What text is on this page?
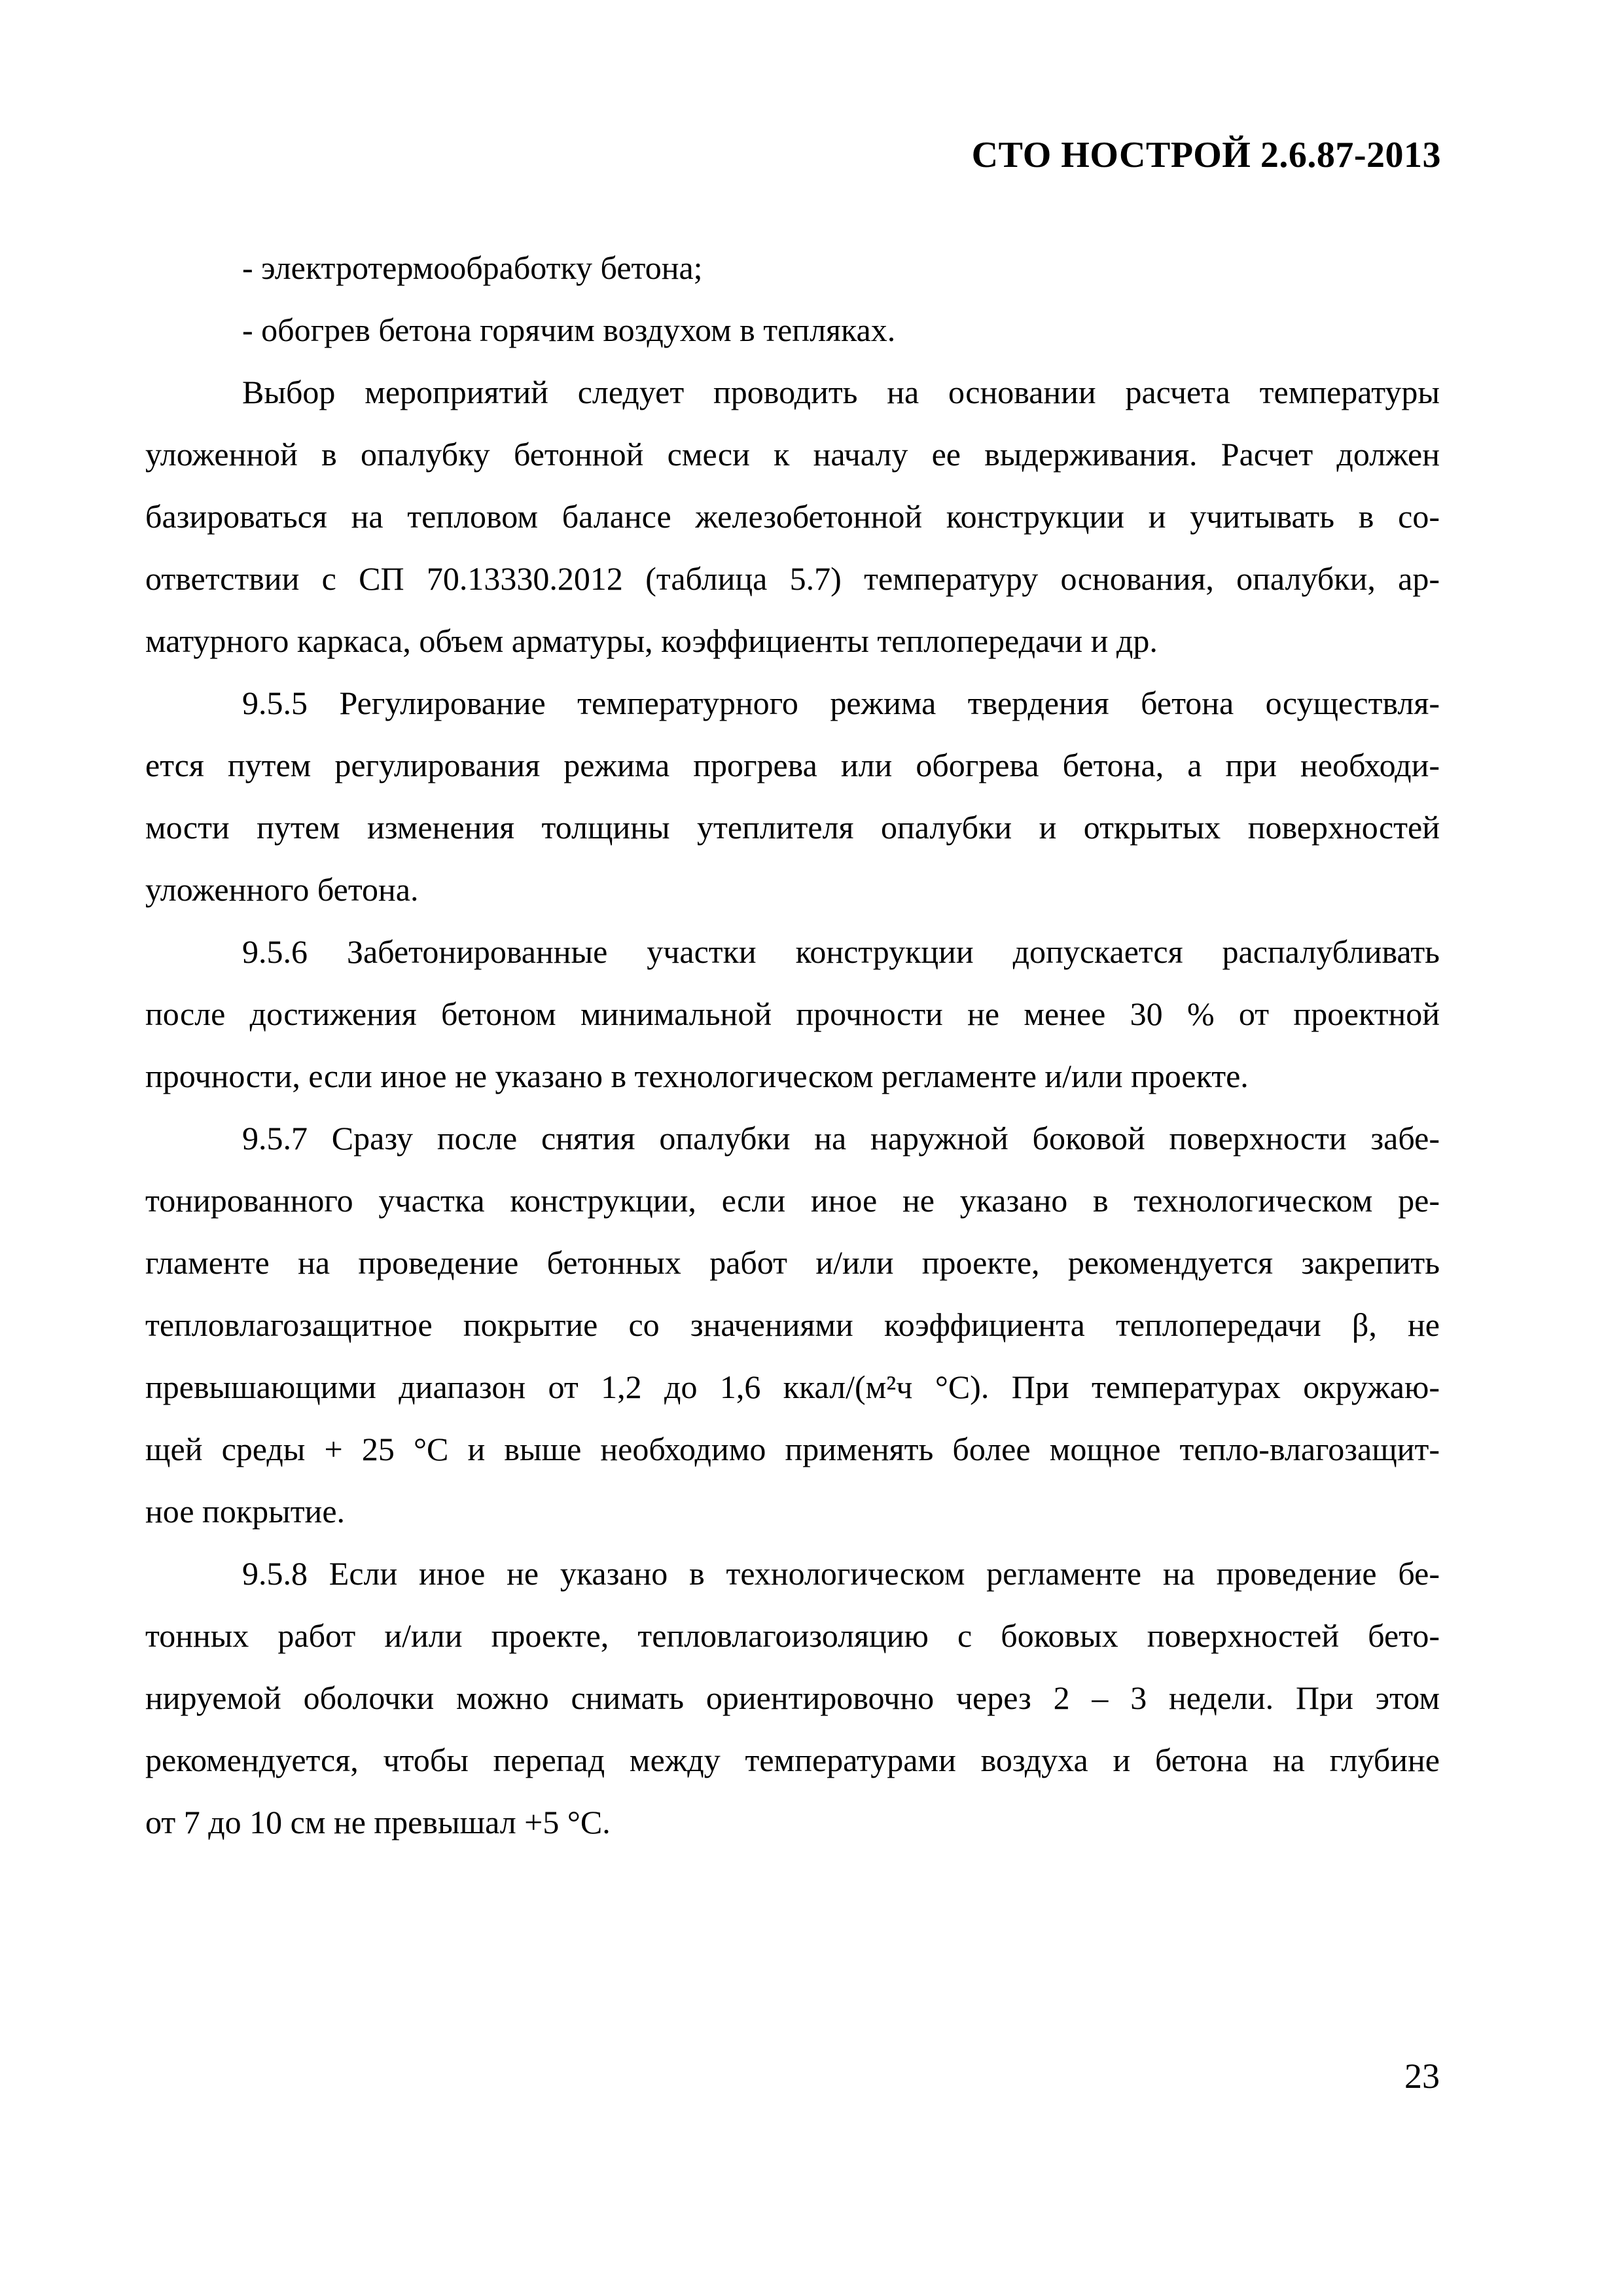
СТО НОСТРОЙ 2.6.87-2013
- электротермообработку бетона;
- обогрев бетона горячим воздухом в тепляках.
Выбор мероприятий следует проводить на основании расчета температуры
уложенной в опалубку бетонной смеси к началу ее выдерживания. Расчет должен
базироваться на тепловом балансе железобетонной конструкции и учитывать в со-
ответствии с СП 70.13330.2012 (таблица 5.7) температуру основания, опалубки, ар-
матурного каркаса, объем арматуры, коэффициенты теплопередачи и др.
9.5.5 Регулирование температурного режима твердения бетона осуществля-
ется путем регулирования режима прогрева или обогрева бетона, а при необходи-
мости путем изменения толщины утеплителя опалубки и открытых поверхностей
уложенного бетона.
9.5.6 Забетонированные участки конструкции допускается распалубливать
после достижения бетоном минимальной прочности не менее 30 % от проектной
прочности, если иное не указано в технологическом регламенте и/или проекте.
9.5.7 Сразу после снятия опалубки на наружной боковой поверхности забе-
тонированного участка конструкции, если иное не указано в технологическом ре-
гламенте на проведение бетонных работ и/или проекте, рекомендуется закрепить
тепловлагозащитное покрытие со значениями коэффициента теплопередачи β, не
превышающими диапазон от 1,2 до 1,6 ккал/(м²ч °С). При температурах окружаю-
щей среды + 25 °С и выше необходимо применять более мощное тепло-влагозащит-
ное покрытие.
9.5.8 Если иное не указано в технологическом регламенте на проведение бе-
тонных работ и/или проекте, тепловлагоизоляцию с боковых поверхностей бето-
нируемой оболочки можно снимать ориентировочно через 2 – 3 недели. При этом
рекомендуется, чтобы перепад между температурами воздуха и бетона на глубине
от 7 до 10 см не превышал +5 °С.
23
